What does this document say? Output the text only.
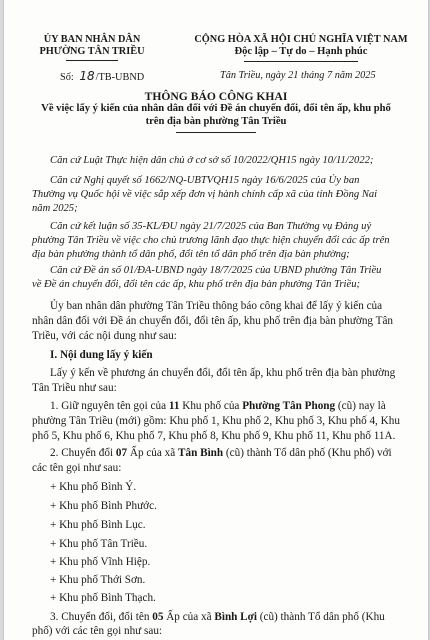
ỦY BAN NHÂN DÂN
PHƯỜNG TÂN TRIỀU
CỘNG HÒA XÃ HỘI CHỦ NGHĨA VIỆT NAM
Độc lập – Tự do – Hạnh phúc
Số: 18/TB-UBND	Tân Triều, ngày 21 tháng 7 năm 2025
THÔNG BÁO CÔNG KHAI
Về việc lấy ý kiến của nhân dân đối với Đề án chuyển đổi, đổi tên ấp, khu phố
trên địa bàn phường Tân Triều
Căn cứ Luật Thực hiện dân chủ ở cơ sở số 10/2022/QH15 ngày 10/11/2022;
Căn cứ Nghị quyết số 1662/NQ-UBTVQH15 ngày 16/6/2025 của Ủy ban
Thường vụ Quốc hội về việc sắp xếp đơn vị hành chính cấp xã của tỉnh Đồng Nai
năm 2025;
Căn cứ kết luận số 35-KL/ĐU ngày 21/7/2025 của Ban Thường vụ Đảng uỷ
phường Tân Triều về việc cho chủ trương lãnh đạo thực hiện chuyển đổi các ấp trên
địa bàn phường thành tổ dân phố, đổi tên tổ dân phố trên địa bàn phường;
Căn cứ Đề án số 01/ĐA-UBND ngày 18/7/2025 của UBND phường Tân Triều
về Đề án chuyển đổi, đổi tên các ấp, khu phố trên địa bàn phường Tân Triều;
Ủy ban nhân dân phường Tân Triều thông báo công khai để lấy ý kiến của
nhân dân đối với Đề án chuyển đổi, đổi tên ấp, khu phố trên địa bàn phường Tân
Triều, với các nội dung như sau:
I. Nội dung lấy ý kiến
Lấy ý kến về phương án chuyển đổi, đổi tên ấp, khu phố trên địa bàn phường
Tân Triều như sau:
1. Giữ nguyên tên gọi của 11 Khu phố của Phường Tân Phong (cũ) nay là
phường Tân Triều (mới) gồm: Khu phố 1, Khu phố 2, Khu phố 3, Khu phố 4, Khu
phố 5, Khu phố 6, Khu phố 7, Khu phố 8, Khu phố 9, Khu phố 11, Khu phố 11A.
2. Chuyển đổi 07 Ấp của xã Tân Bình (cũ) thành Tổ dân phố (Khu phố) với
các tên gọi như sau:
+ Khu phố Bình Ý.
+ Khu phố Bình Phước.
+ Khu phố Bình Lục.
+ Khu phố Tân Triều.
+ Khu phố Vĩnh Hiệp.
+ Khu phố Thới Sơn.
+ Khu phố Bình Thạch.
3. Chuyển đổi, đổi tên 05 Ấp của xã Bình Lợi (cũ) thành Tổ dân phố (Khu
phố) với các tên gọi như sau:
